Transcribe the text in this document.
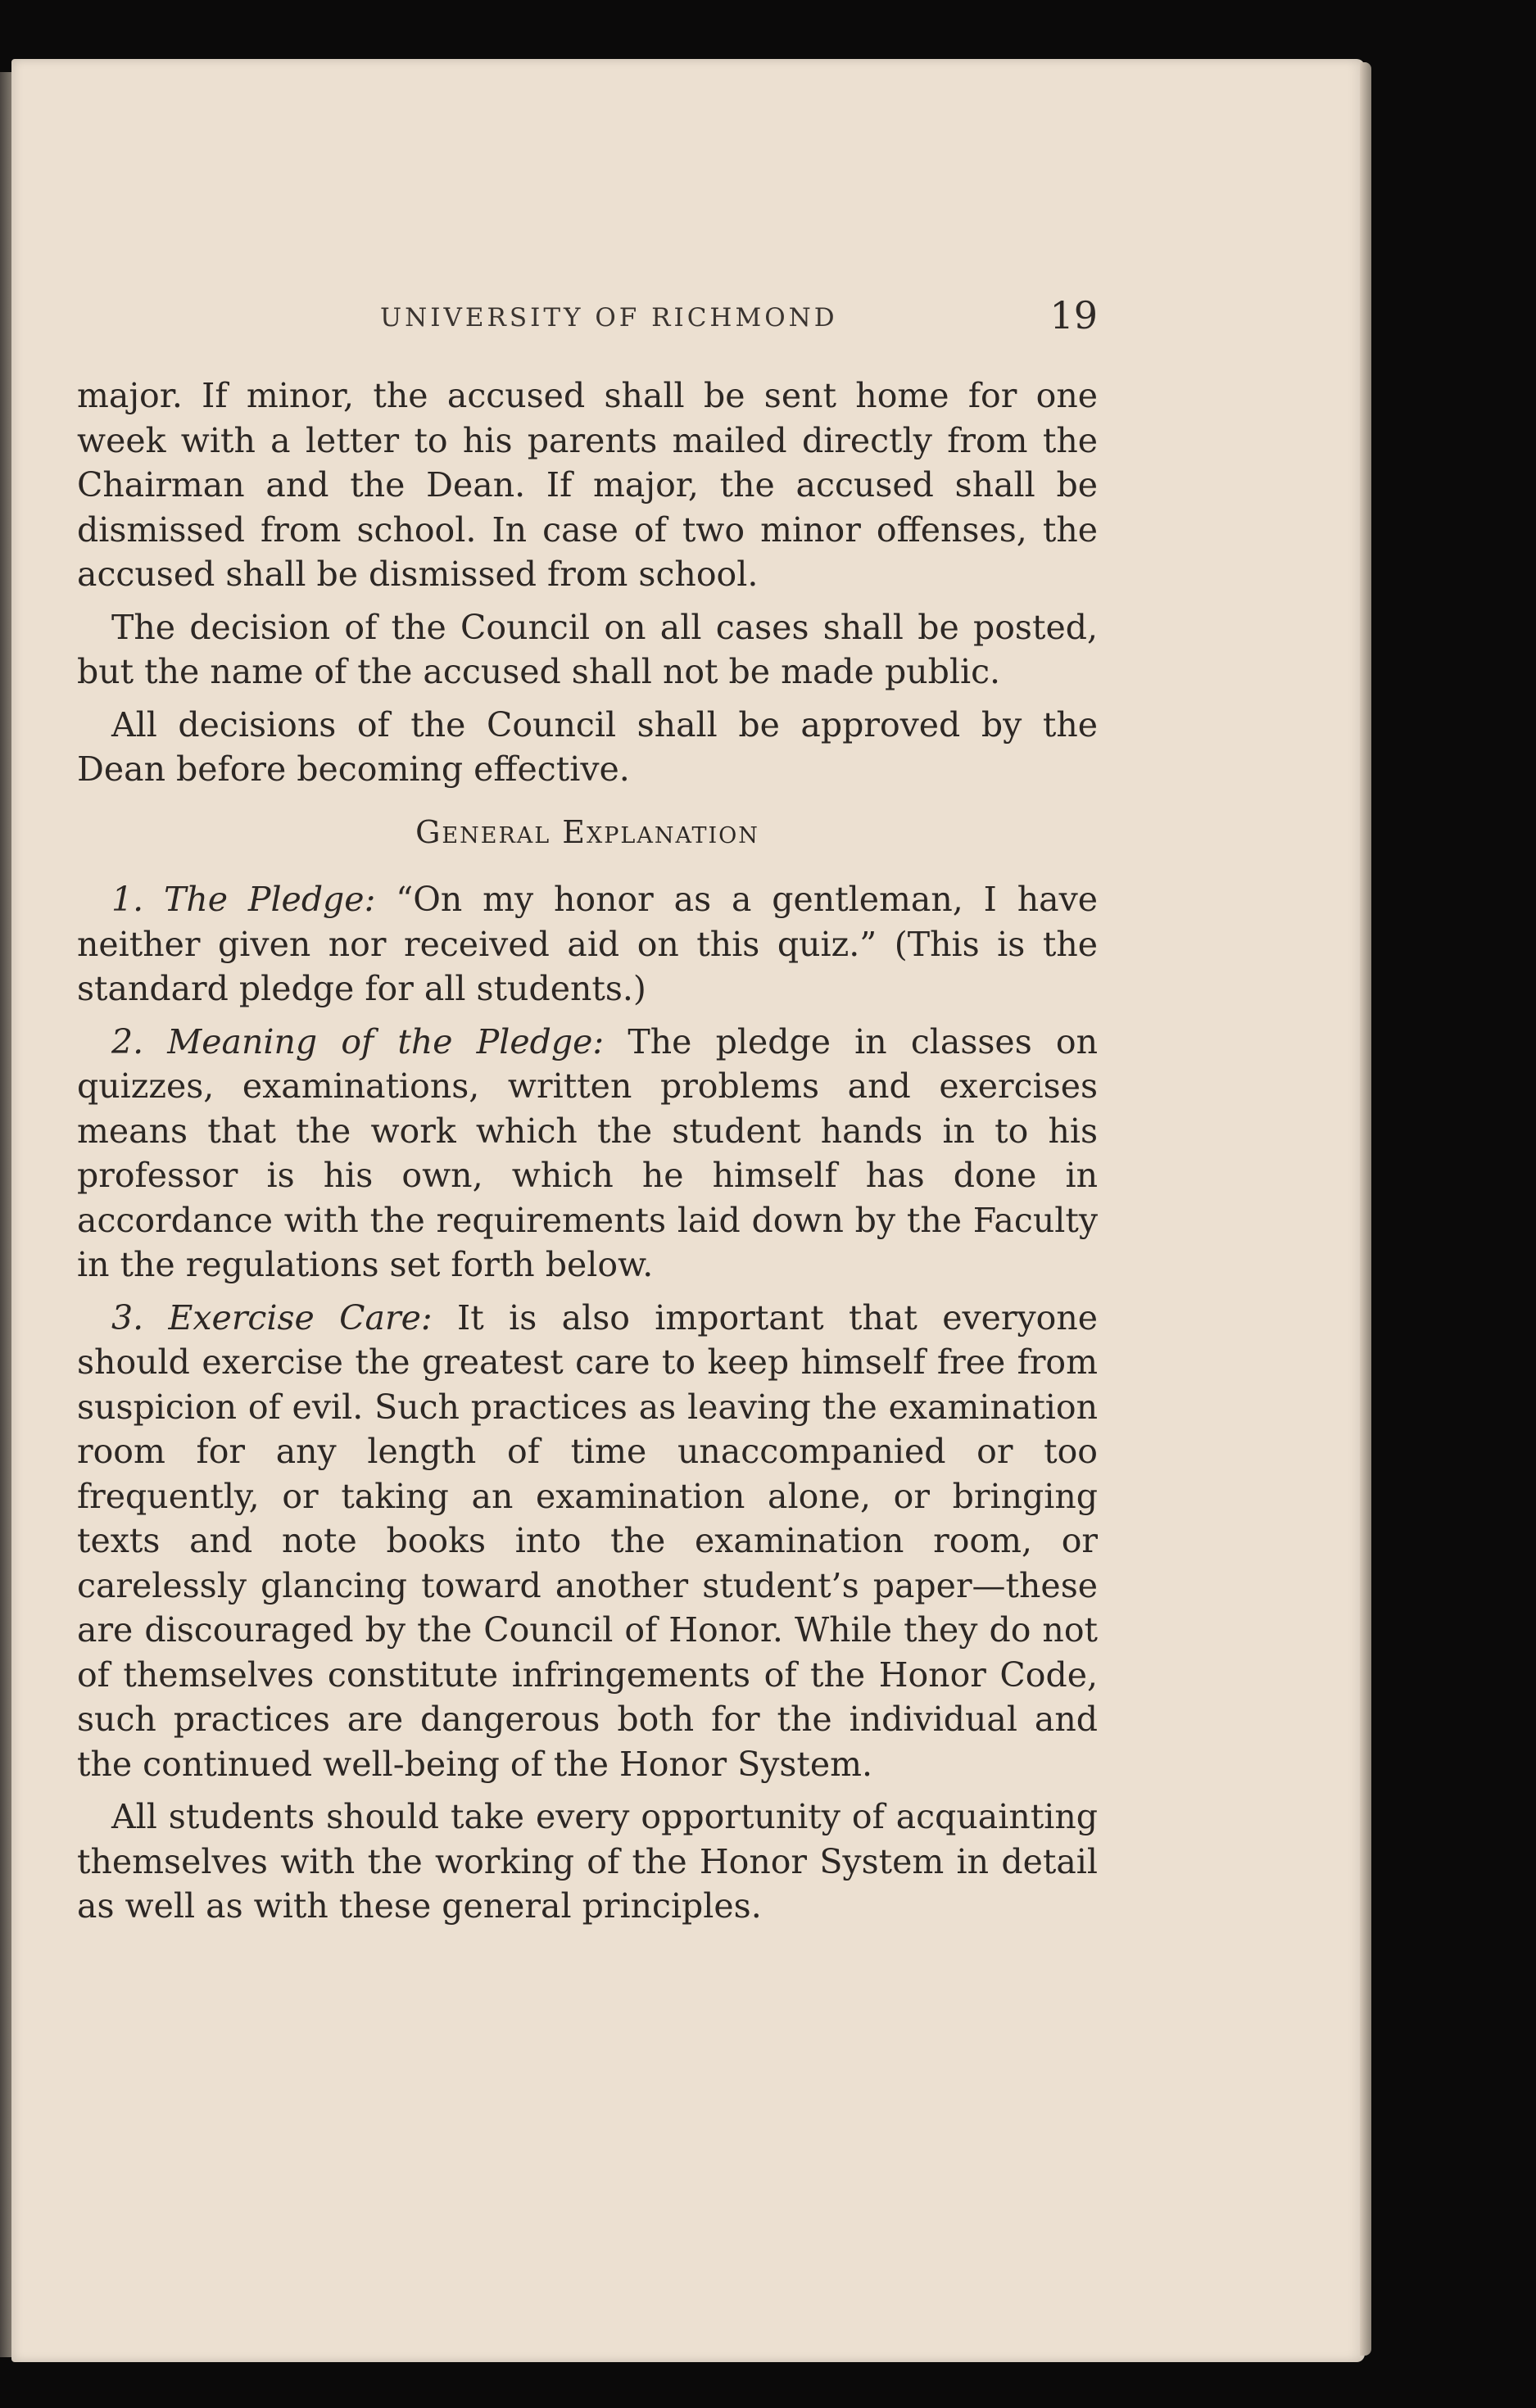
UNIVERSITY OF RICHMOND	19

major. If minor, the accused shall be sent home for one week with a letter to his parents mailed directly from the Chairman and the Dean. If major, the accused shall be dismissed from school. In case of two minor offenses, the accused shall be dismissed from school.

The decision of the Council on all cases shall be posted, but the name of the accused shall not be made public.

All decisions of the Council shall be approved by the Dean before becoming effective.

General Explanation

1. The Pledge: “On my honor as a gentleman, I have neither given nor received aid on this quiz.” (This is the standard pledge for all students.)

2. Meaning of the Pledge: The pledge in classes on quizzes, examinations, written problems and exercises means that the work which the student hands in to his professor is his own, which he himself has done in accordance with the requirements laid down by the Faculty in the regulations set forth below.

3. Exercise Care: It is also important that everyone should exercise the greatest care to keep himself free from suspicion of evil. Such practices as leaving the examination room for any length of time unaccompanied or too frequently, or taking an examination alone, or bringing texts and note books into the examination room, or carelessly glancing toward another student’s paper—these are discouraged by the Council of Honor. While they do not of themselves constitute infringements of the Honor Code, such practices are dangerous both for the individual and the continued well-being of the Honor System.

All students should take every opportunity of acquainting themselves with the working of the Honor System in detail as well as with these general principles.
